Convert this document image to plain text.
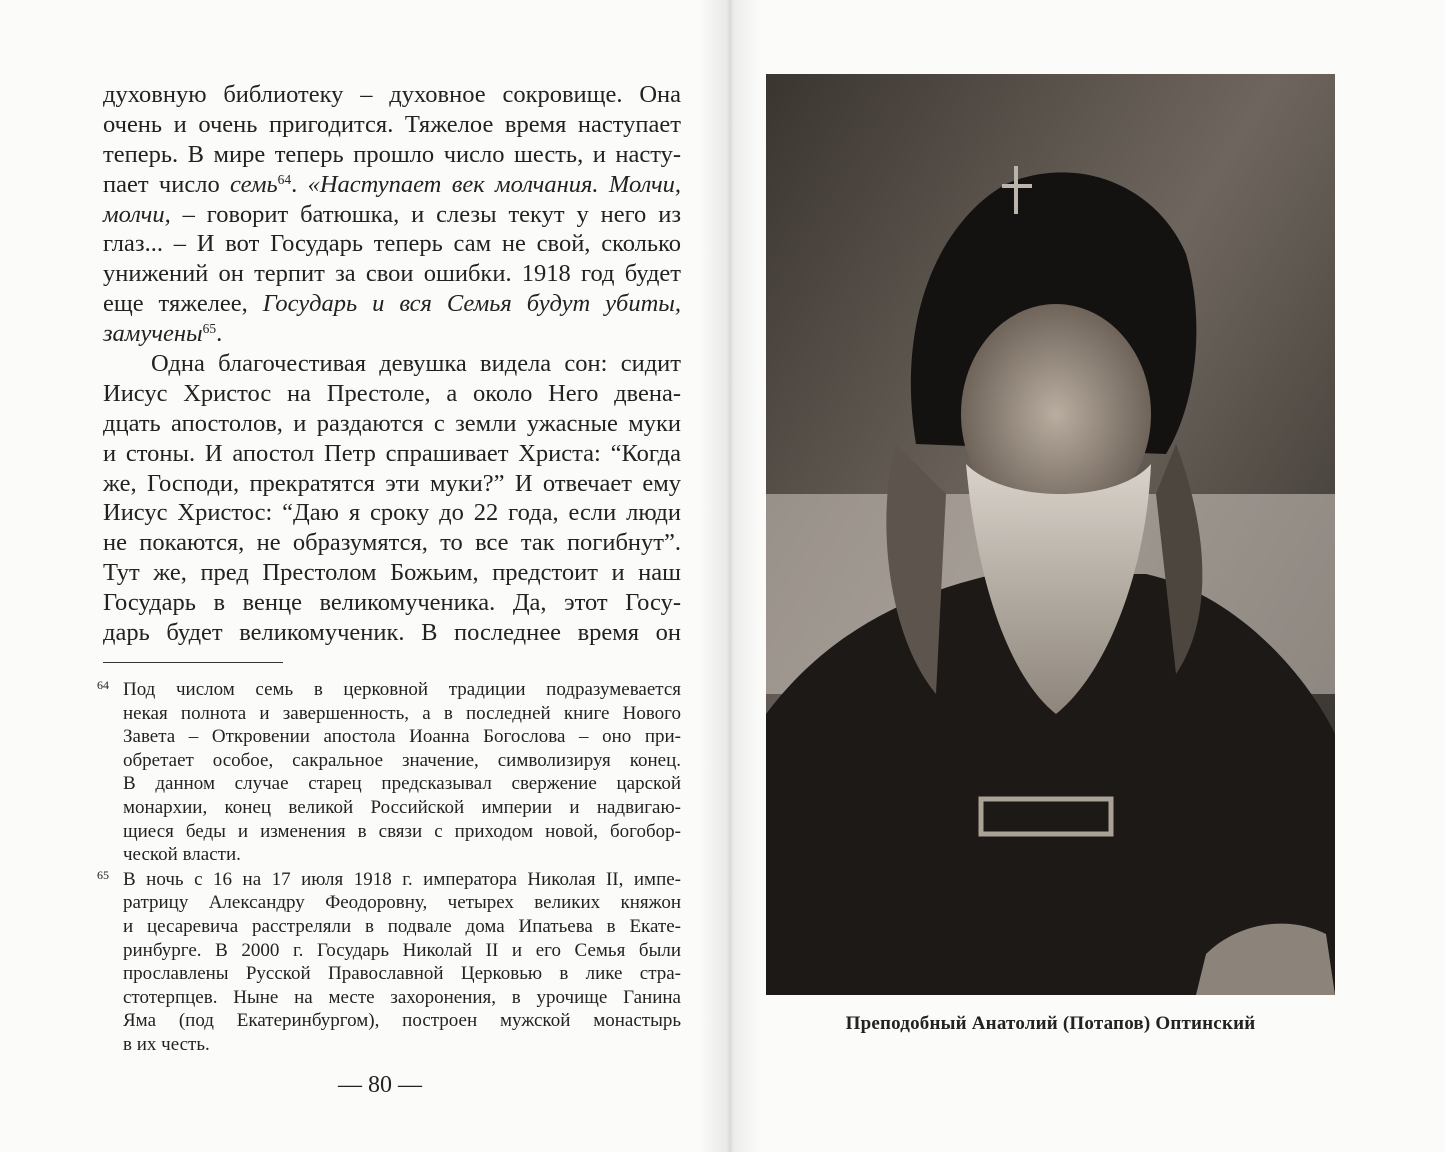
духовную библиотеку – духовное сокровище. Она
очень и очень пригодится. Тяжелое время наступает
теперь. В мире теперь прошло число шесть, и насту-
пает число семь$^{64}$. «Наступает век молчания. Молчи,
молчи, – говорит батюшка, и слезы текут у него из
глаз... – И вот Государь теперь сам не свой, сколько
унижений он терпит за свои ошибки. 1918 год будет
еще тяжелее, Государь и вся Семья будут убиты,
замучены$^{65}$.
Одна благочестивая девушка видела сон: сидит
Иисус Христос на Престоле, а около Него двена-
дцать апостолов, и раздаются с земли ужасные муки
и стоны. И апостол Петр спрашивает Христа: “Когда
же, Господи, прекратятся эти муки?” И отвечает ему
Иисус Христос: “Даю я сроку до 22 года, если люди
не покаются, не образумятся, то все так погибнут”.
Тут же, пред Престолом Божьим, предстоит и наш
Государь в венце великомученика. Да, этот Госу-
дарь будет великомученик. В последнее время он
64 Под числом семь в церковной традиции подразумевается
некая полнота и завершенность, а в последней книге Нового
Завета – Откровении апостола Иоанна Богослова – оно при-
обретает особое, сакральное значение, символизируя конец.
В данном случае старец предсказывал свержение царской
монархии, конец великой Российской империи и надвигаю-
щиеся беды и изменения в связи с приходом новой, богобор-
ческой власти.
65 В ночь с 16 на 17 июля 1918 г. императора Николая II, импе-
ратрицу Александру Феодоровну, четырех великих княжон
и цесаревича расстреляли в подвале дома Ипатьева в Екате-
ринбурге. В 2000 г. Государь Николай II и его Семья были
прославлены Русской Православной Церковью в лике стра-
стотерпцев. Ныне на месте захоронения, в урочище Ганина
Яма (под Екатеринбургом), построен мужской монастырь
в их честь.
— 80 —
Преподобный Анатолий (Потапов) Оптинский
